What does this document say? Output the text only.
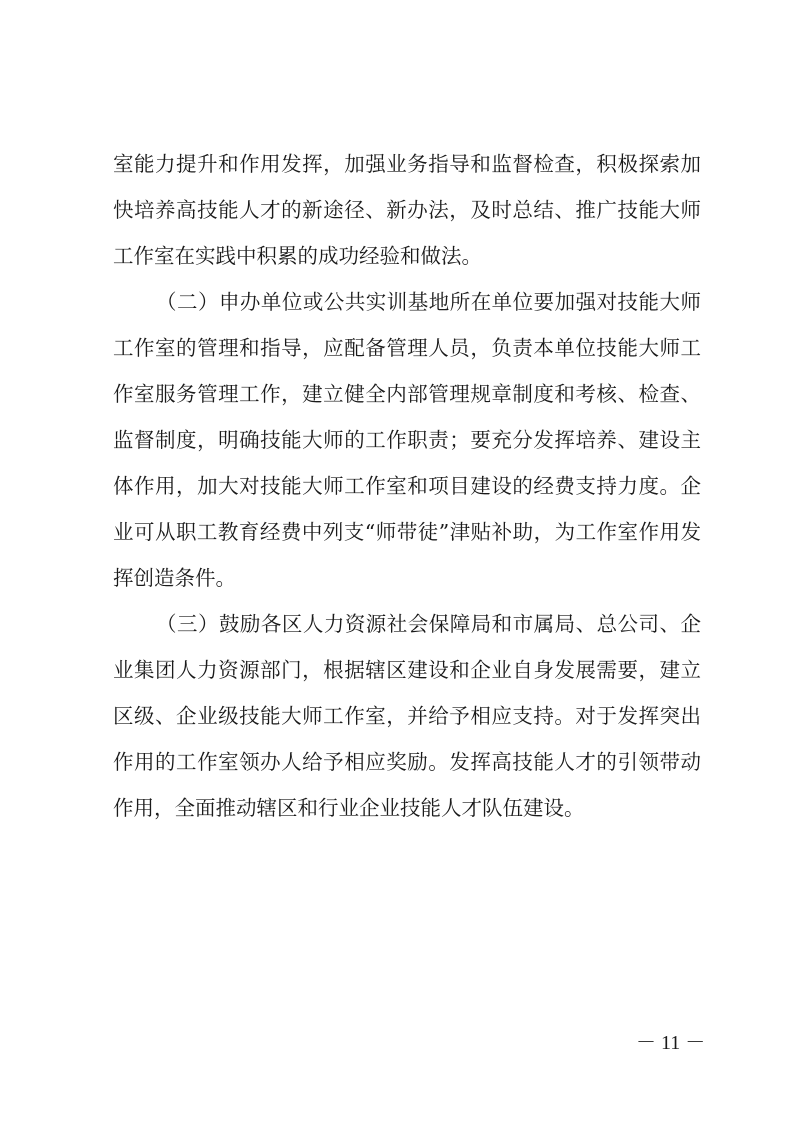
室能力提升和作用发挥，加强业务指导和监督检查，积极探索加
快培养高技能人才的新途径、新办法，及时总结、推广技能大师
工作室在实践中积累的成功经验和做法。
（二）申办单位或公共实训基地所在单位要加强对技能大师
工作室的管理和指导，应配备管理人员，负责本单位技能大师工
作室服务管理工作，建立健全内部管理规章制度和考核、检查、
监督制度，明确技能大师的工作职责；要充分发挥培养、建设主
体作用，加大对技能大师工作室和项目建设的经费支持力度。企
业可从职工教育经费中列支“师带徒”津贴补助，为工作室作用发
挥创造条件。
（三）鼓励各区人力资源社会保障局和市属局、总公司、企
业集团人力资源部门，根据辖区建设和企业自身发展需要，建立
区级、企业级技能大师工作室，并给予相应支持。对于发挥突出
作用的工作室领办人给予相应奖励。发挥高技能人才的引领带动
作用，全面推动辖区和行业企业技能人才队伍建设。
－ 11 －
